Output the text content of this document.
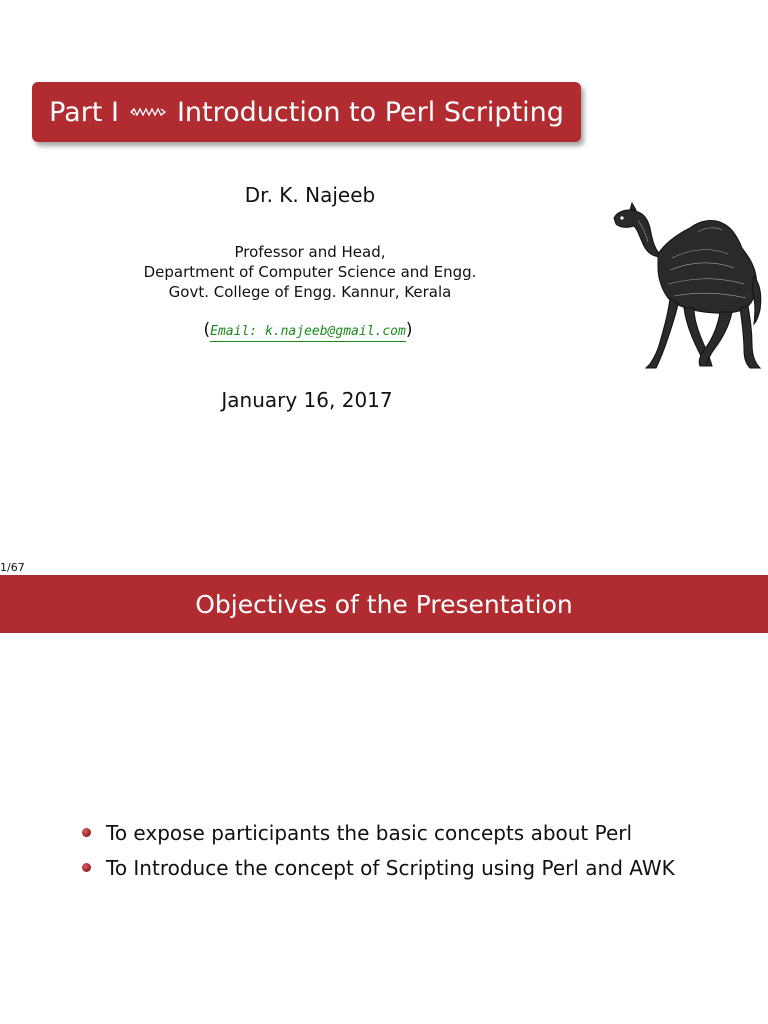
Part I Introduction to Perl Scripting
Dr. K. Najeeb
Professor and Head,
Department of Computer Science and Engg.
Govt. College of Engg. Kannur, Kerala
(Email: k.najeeb@gmail.com)
January 16, 2017
1/67
Objectives of the Presentation
To expose participants the basic concepts about Perl
To Introduce the concept of Scripting using Perl and AWK
